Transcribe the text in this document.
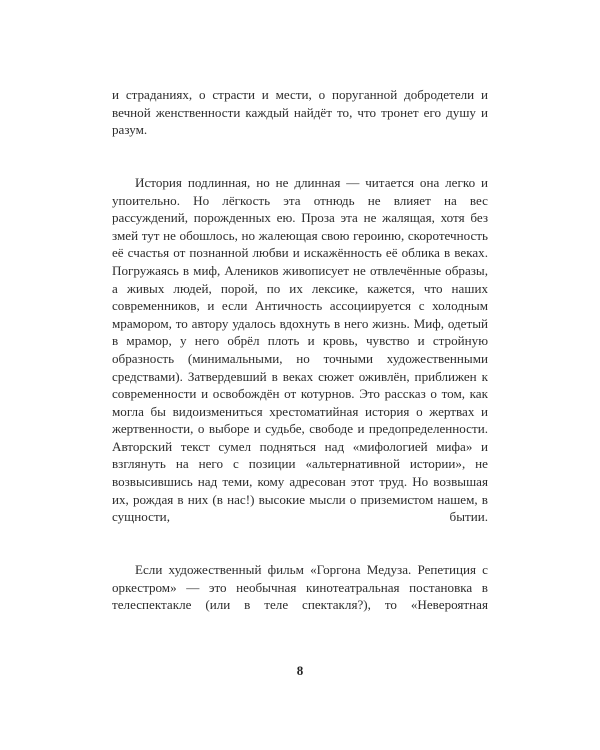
и страданиях, о страсти и мести, о поруганной добродетели и вечной женственности каждый найдёт то, что тронет его душу и разум.

История подлинная, но не длинная — читается она легко и упоительно. Но лёгкость эта отнюдь не влияет на вес рассуждений, порожденных ею. Проза эта не жалящая, хотя без змей тут не обошлось, но жалеющая свою героиню, скоротечность её счастья от познанной любви и искажённость её облика в веках. Погружаясь в миф, Алеников живописует не отвлечённые образы, а живых людей, порой, по их лексике, кажется, что наших современников, и если Античность ассоциируется с холодным мрамором, то автору удалось вдохнуть в него жизнь. Миф, одетый в мрамор, у него обрёл плоть и кровь, чувство и стройную образность (минимальными, но точными художественными средствами). Затвердевший в веках сюжет оживлён, приближен к современности и освобождён от котурнов. Это рассказ о том, как могла бы видоизмениться хрестоматийная история о жертвах и жертвенности, о выборе и судьбе, свободе и предопределенности. Авторский текст сумел подняться над «мифологией мифа» и взглянуть на него с позиции «альтернативной истории», не возвысившись над теми, кому адресован этот труд. Но возвышая их, рождая в них (в нас!) высокие мысли о приземистом нашем, в сущности, бытии.

Если художественный фильм «Горгона Медуза. Репетиция с оркестром» — это необычная кинотеатральная постановка в телеспектакле (или в теле спектакля?), то «Невероятная

8
